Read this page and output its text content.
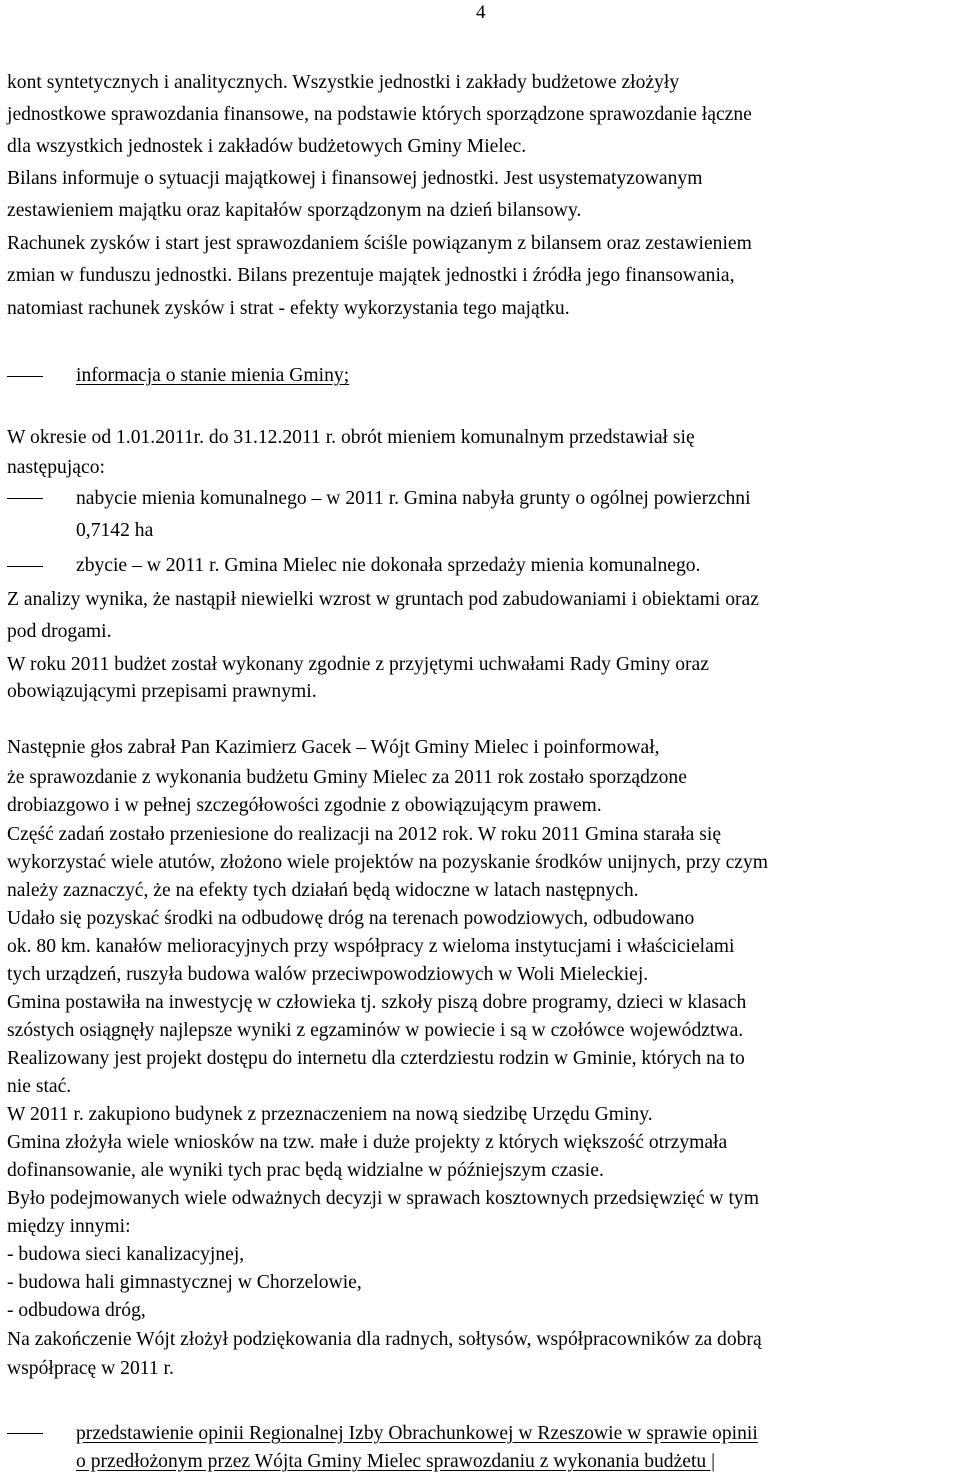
4
kont syntetycznych i analitycznych. Wszystkie jednostki i zakłady budżetowe złożyły
jednostkowe sprawozdania finansowe, na podstawie których sporządzone sprawozdanie łączne
dla wszystkich jednostek i zakładów budżetowych Gminy Mielec.
Bilans informuje o sytuacji majątkowej i finansowej jednostki. Jest usystematyzowanym
zestawieniem majątku oraz kapitałów sporządzonym na dzień bilansowy.
Rachunek zysków i start jest sprawozdaniem ściśle powiązanym z bilansem oraz zestawieniem
zmian w funduszu jednostki. Bilans prezentuje majątek jednostki i źródła jego finansowania,
natomiast rachunek zysków i strat - efekty wykorzystania tego majątku.
informacja o stanie mienia Gminy;
W okresie od 1.01.2011r. do 31.12.2011 r. obrót mieniem komunalnym przedstawiał się
następująco:
nabycie mienia komunalnego – w 2011 r. Gmina nabyła grunty o ogólnej powierzchni
0,7142 ha
zbycie – w 2011 r. Gmina Mielec nie dokonała sprzedaży mienia komunalnego.
Z analizy wynika, że nastąpił niewielki wzrost w gruntach pod zabudowaniami i obiektami oraz
pod drogami.
W roku 2011 budżet został wykonany zgodnie z przyjętymi uchwałami Rady Gminy oraz
obowiązującymi przepisami prawnymi.
Następnie głos zabrał Pan Kazimierz Gacek – Wójt Gminy Mielec i poinformował,
że sprawozdanie z wykonania budżetu Gminy Mielec za 2011 rok zostało sporządzone
drobiazgowo i w pełnej szczegółowości zgodnie z obowiązującym prawem.
Część zadań zostało przeniesione do realizacji na 2012 rok. W roku 2011 Gmina starała się
wykorzystać wiele atutów, złożono wiele projektów na pozyskanie środków unijnych, przy czym
należy zaznaczyć, że na efekty tych działań będą widoczne w latach następnych.
Udało się pozyskać środki na odbudowę dróg na terenach powodziowych, odbudowano
ok. 80 km. kanałów melioracyjnych przy współpracy z wieloma instytucjami i właścicielami
tych urządzeń, ruszyła budowa walów przeciwpowodziowych w Woli Mieleckiej.
Gmina postawiła na inwestycję w człowieka tj. szkoły piszą dobre programy, dzieci w klasach
szóstych osiągnęły najlepsze wyniki z egzaminów w powiecie i są w czołówce województwa.
Realizowany jest projekt dostępu do internetu dla czterdziestu rodzin w Gminie, których na to
nie stać.
W 2011 r. zakupiono budynek z przeznaczeniem na nową siedzibę Urzędu Gminy.
Gmina złożyła wiele wniosków na tzw. małe i duże projekty z których większość otrzymała
dofinansowanie, ale wyniki tych prac będą widzialne w późniejszym czasie.
Było podejmowanych wiele odważnych decyzji w sprawach kosztownych przedsięwzięć w tym
między innymi:
- budowa sieci kanalizacyjnej,
- budowa hali gimnastycznej w Chorzelowie,
- odbudowa dróg,
Na zakończenie Wójt złożył podziękowania dla radnych, sołtysów, współpracowników za dobrą
współpracę w 2011 r.
przedstawienie opinii Regionalnej Izby Obrachunkowej w Rzeszowie w sprawie opinii
o przedłożonym przez Wójta Gminy Mielec sprawozdaniu z wykonania budżetu |
